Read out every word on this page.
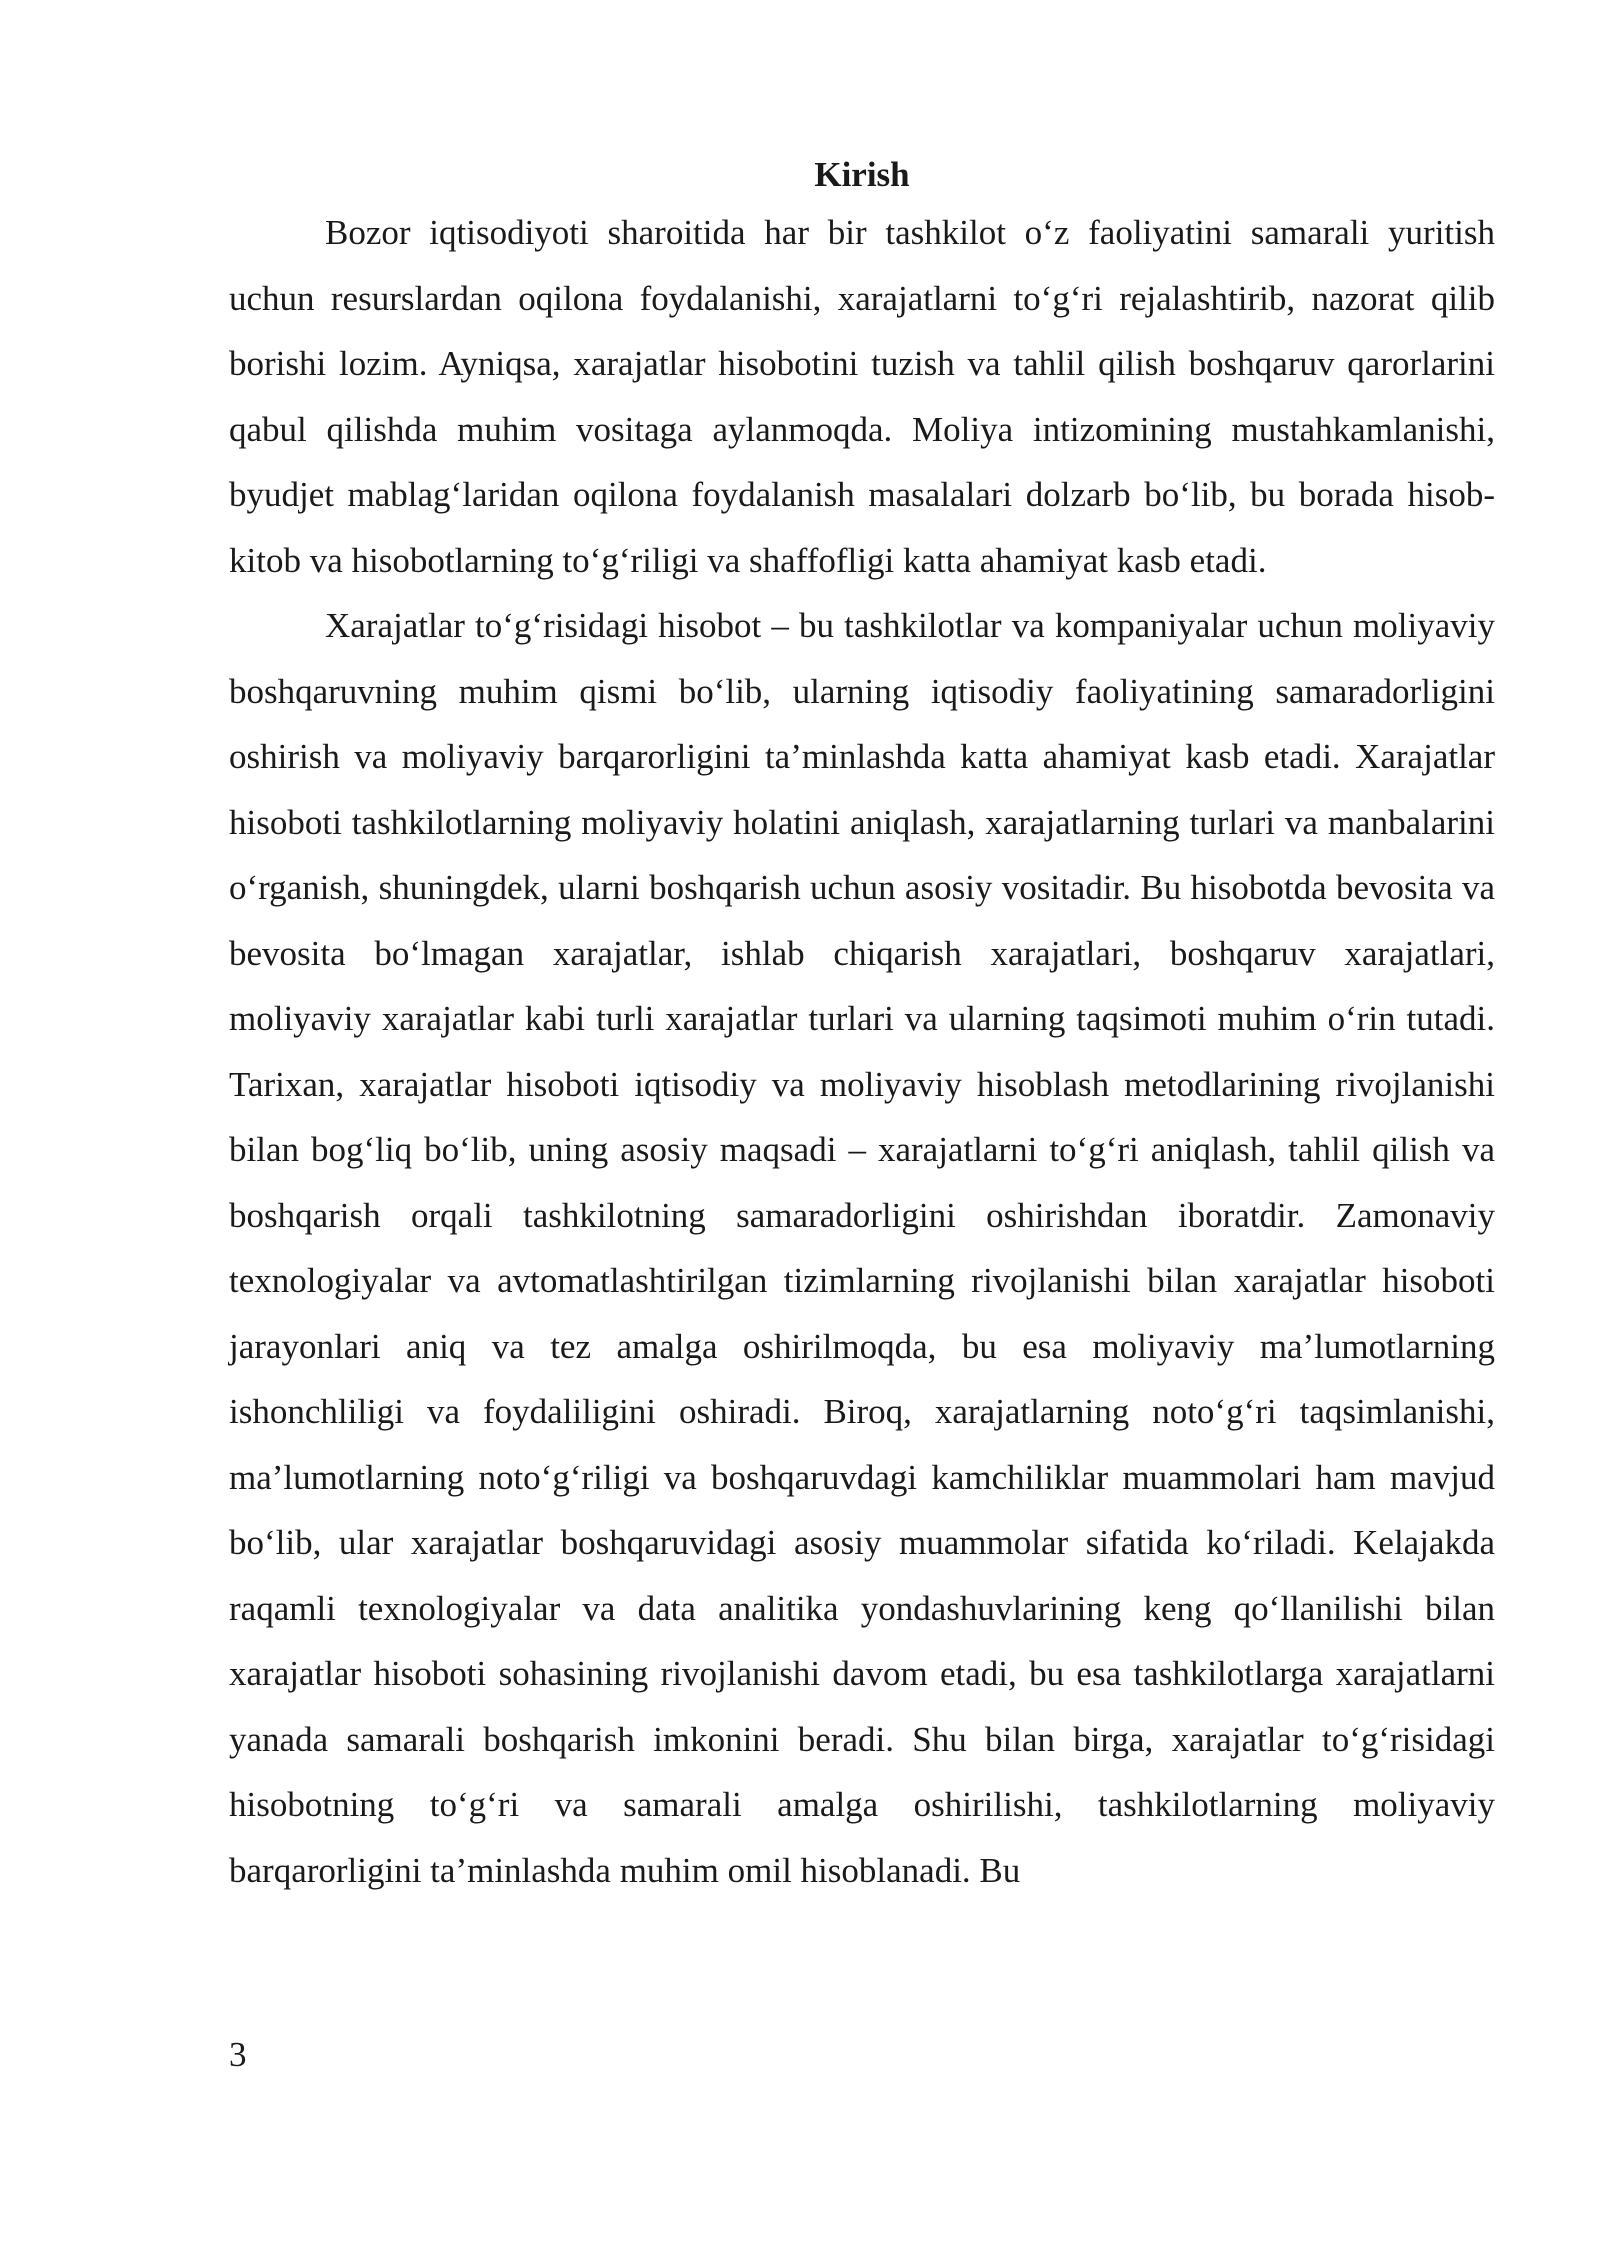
Kirish

Bozor iqtisodiyoti sharoitida har bir tashkilot o‘z faoliyatini samarali yuritish uchun resurslardan oqilona foydalanishi, xarajatlarni to‘g‘ri rejalashtirib, nazorat qilib borishi lozim. Ayniqsa, xarajatlar hisobotini tuzish va tahlil qilish boshqaruv qarorlarini qabul qilishda muhim vositaga aylanmoqda. Moliya intizomining mustahkamlanishi, byudjet mablag‘laridan oqilona foydalanish masalalari dolzarb bo‘lib, bu borada hisob-kitob va hisobotlarning to‘g‘riligi va shaffofligi katta ahamiyat kasb etadi.

Xarajatlar to‘g‘risidagi hisobot – bu tashkilotlar va kompaniyalar uchun moliyaviy boshqaruvning muhim qismi bo‘lib, ularning iqtisodiy faoliyatining samaradorligini oshirish va moliyaviy barqarorligini ta’minlashda katta ahamiyat kasb etadi. Xarajatlar hisoboti tashkilotlarning moliyaviy holatini aniqlash, xarajatlarning turlari va manbalarini o‘rganish, shuningdek, ularni boshqarish uchun asosiy vositadir. Bu hisobotda bevosita va bevosita bo‘lmagan xarajatlar, ishlab chiqarish xarajatlari, boshqaruv xarajatlari, moliyaviy xarajatlar kabi turli xarajatlar turlari va ularning taqsimoti muhim o‘rin tutadi. Tarixan, xarajatlar hisoboti iqtisodiy va moliyaviy hisoblash metodlarining rivojlanishi bilan bog‘liq bo‘lib, uning asosiy maqsadi – xarajatlarni to‘g‘ri aniqlash, tahlil qilish va boshqarish orqali tashkilotning samaradorligini oshirishdan iboratdir. Zamonaviy texnologiyalar va avtomatlashtirilgan tizimlarning rivojlanishi bilan xarajatlar hisoboti jarayonlari aniq va tez amalga oshirilmoqda, bu esa moliyaviy ma’lumotlarning ishonchliligi va foydaliligini oshiradi. Biroq, xarajatlarning noto‘g‘ri taqsimlanishi, ma’lumotlarning noto‘g‘riligi va boshqaruvdagi kamchiliklar muammolari ham mavjud bo‘lib, ular xarajatlar boshqaruvidagi asosiy muammolar sifatida ko‘riladi. Kelajakda raqamli texnologiyalar va data analitika yondashuvlarining keng qo‘llanilishi bilan xarajatlar hisoboti sohasining rivojlanishi davom etadi, bu esa tashkilotlarga xarajatlarni yanada samarali boshqarish imkonini beradi. Shu bilan birga, xarajatlar to‘g‘risidagi hisobotning to‘g‘ri va samarali amalga oshirilishi, tashkilotlarning moliyaviy barqarorligini ta’minlashda muhim omil hisoblanadi. Bu

3
